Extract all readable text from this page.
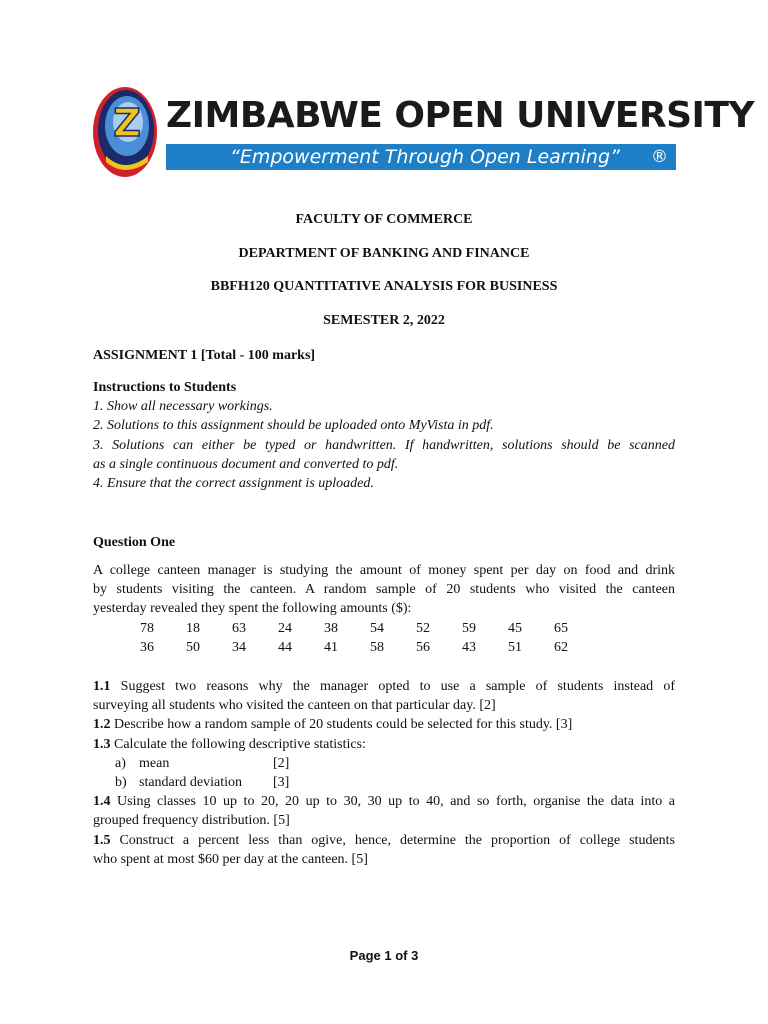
Z ZIMBABWE OPEN UNIVERSITY
“Empowerment Through Open Learning” ®
FACULTY OF COMMERCE
DEPARTMENT OF BANKING AND FINANCE
BBFH120 QUANTITATIVE ANALYSIS FOR BUSINESS
SEMESTER 2, 2022
ASSIGNMENT 1 [Total - 100 marks]
Instructions to Students
1. Show all necessary workings.
2. Solutions to this assignment should be uploaded onto MyVista in pdf.
3. Solutions can either be typed or handwritten. If handwritten, solutions should be scanned
as a single continuous document and converted to pdf.
4. Ensure that the correct assignment is uploaded.
Question One
A college canteen manager is studying the amount of money spent per day on food and drink
by students visiting the canteen. A random sample of 20 students who visited the canteen
yesterday revealed they spent the following amounts ($):
	78	18	63	24	38	54	52	59	45	65
	36	50	34	44	41	58	56	43	51	62
1.1 Suggest two reasons why the manager opted to use a sample of students instead of
surveying all students who visited the canteen on that particular day. [2]
1.2 Describe how a random sample of 20 students could be selected for this study. [3]
1.3 Calculate the following descriptive statistics:
a) mean	[2]
b) standard deviation [3]
1.4 Using classes 10 up to 20, 20 up to 30, 30 up to 40, and so forth, organise the data into a
grouped frequency distribution. [5]
1.5 Construct a percent less than ogive, hence, determine the proportion of college students
who spent at most $60 per day at the canteen. [5]
Page 1 of 3
